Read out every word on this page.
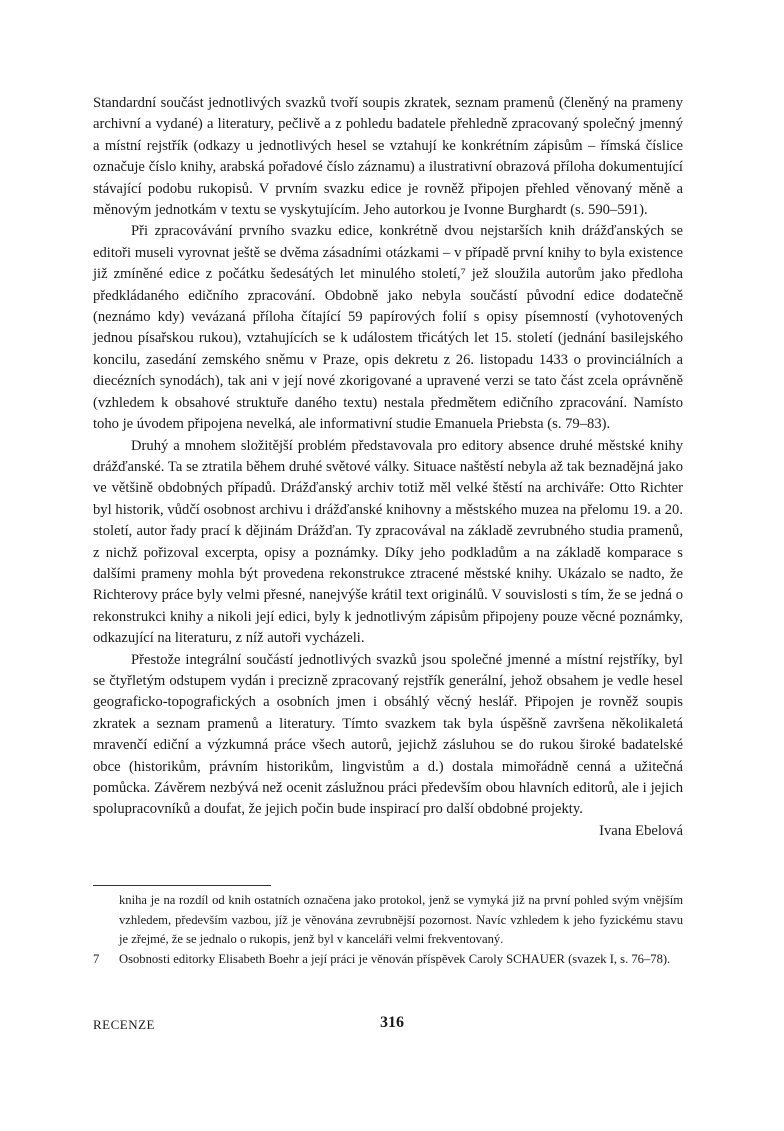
Standardní součást jednotlivých svazků tvoří soupis zkratek, seznam pramenů (členěný na prameny archivní a vydané) a literatury, pečlivě a z pohledu badatele přehledně zpracovaný společný jmenný a místní rejstřík (odkazy u jednotlivých hesel se vztahují ke konkrétním zápisům – římská číslice označuje číslo knihy, arabská pořadové číslo záznamu) a ilustrativní obrazová příloha dokumentující stávající podobu rukopisů. V prvním svazku edice je rovněž připojen přehled věnovaný měně a měnovým jednotkám v textu se vyskytujícím. Jeho autorkou je Ivonne Burghardt (s. 590–591).

Při zpracovávání prvního svazku edice, konkrétně dvou nejstarších knih drážďanských se editoři museli vyrovnat ještě se dvěma zásadními otázkami – v případě první knihy to byla existence již zmíněné edice z počátku šedesátých let minulého století,⁷ jež sloužila autorům jako předloha předkládaného edičního zpracování. Obdobně jako nebyla součástí původní edice dodatečně (neznámo kdy) vevázaná příloha čítající 59 papírových folií s opisy písemností (vyhotovených jednou písařskou rukou), vztahujících se k událostem třicátých let 15. století (jednání basilejského koncilu, zasedání zemského sněmu v Praze, opis dekretu z 26. listopadu 1433 o provinciálních a diecézních synodách), tak ani v její nové zkorigované a upravené verzi se tato část zcela oprávněně (vzhledem k obsahové struktuře daného textu) nestala předmětem edičního zpracování. Namísto toho je úvodem připojena nevelká, ale informativní studie Emanuela Priebsta (s. 79–83).

Druhý a mnohem složitější problém představovala pro editory absence druhé městské knihy drážďanské. Ta se ztratila během druhé světové války. Situace naštěstí nebyla až tak beznadějná jako ve většině obdobných případů. Drážďanský archiv totiž měl velké štěstí na archiváře: Otto Richter byl historik, vůdčí osobnost archivu i drážďanské knihovny a městského muzea na přelomu 19. a 20. století, autor řady prací k dějinám Drážďan. Ty zpracovával na základě zevrubného studia pramenů, z nichž pořizoval excerpta, opisy a poznámky. Díky jeho podkladům a na základě komparace s dalšími prameny mohla být provedena rekonstrukce ztracené městské knihy. Ukázalo se nadto, že Richterovy práce byly velmi přesné, nanejvýše krátil text originálů. V souvislosti s tím, že se jedná o rekonstrukci knihy a nikoli její edici, byly k jednotlivým zápisům připojeny pouze věcné poznámky, odkazující na literaturu, z níž autoři vycházeli.

Přestože integrální součástí jednotlivých svazků jsou společné jmenné a místní rejstříky, byl se čtyřletým odstupem vydán i precizně zpracovaný rejstřík generální, jehož obsahem je vedle hesel geograficko-topografických a osobních jmen i obsáhlý věcný heslář. Připojen je rovněž soupis zkratek a seznam pramenů a literatury. Tímto svazkem tak byla úspěšně završena několikaletá mravenčí ediční a výzkumná práce všech autorů, jejichž zásluhou se do rukou široké badatelské obce (historikům, právním historikům, lingvistům a d.) dostala mimořádně cenná a užitečná pomůcka. Závěrem nezbývá než ocenit záslužnou práci především obou hlavních editorů, ale i jejich spolupracovníků a doufat, že jejich počin bude inspirací pro další obdobné projekty.

Ivana Ebelová

kniha je na rozdíl od knih ostatních označena jako protokol, jenž se vymyká již na první pohled svým vnějším vzhledem, především vazbou, jíž je věnována zevrubnější pozornost. Navíc vzhledem k jeho fyzickému stavu je zřejmé, že se jednalo o rukopis, jenž byl v kanceláři velmi frekventovaný.
7 Osobnosti editorky Elisabeth Boehr a její práci je věnován příspěvek Caroly SCHAUER (svazek I, s. 76–78).
RECENZE	316
